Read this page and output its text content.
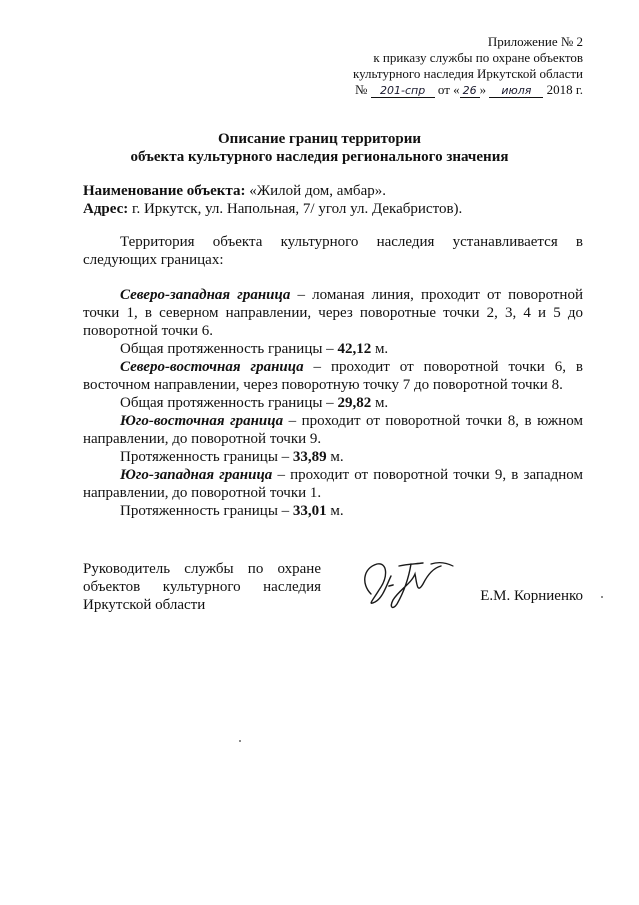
Приложение № 2
к приказу службы по охране объектов
культурного наследия Иркутской области
№ 201-спр от « 26 » июля 2018 г.
Описание границ территории
объекта культурного наследия регионального значения
Наименование объекта: «Жилой дом, амбар».
Адрес: г. Иркутск, ул. Напольная, 7/ угол ул. Декабристов).
Территория объекта культурного наследия устанавливается в
следующих границах:
Северо-западная граница – ломаная линия, проходит от поворотной
точки 1, в северном направлении, через поворотные точки 2, 3, 4 и 5 до
поворотной точки 6.
Общая протяженность границы – 42,12 м.
Северо-восточная граница – проходит от поворотной точки 6, в
восточном направлении, через поворотную точку 7 до поворотной точки 8.
Общая протяженность границы – 29,82 м.
Юго-восточная граница – проходит от поворотной точки 8, в южном
направлении, до поворотной точки 9.
Протяженность границы – 33,89 м.
Юго-западная граница – проходит от поворотной точки 9, в западном
направлении, до поворотной точки 1.
Протяженность границы – 33,01 м.
Руководитель службы по охране
объектов культурного наследия
Иркутской области
Е.М. Корниенко
